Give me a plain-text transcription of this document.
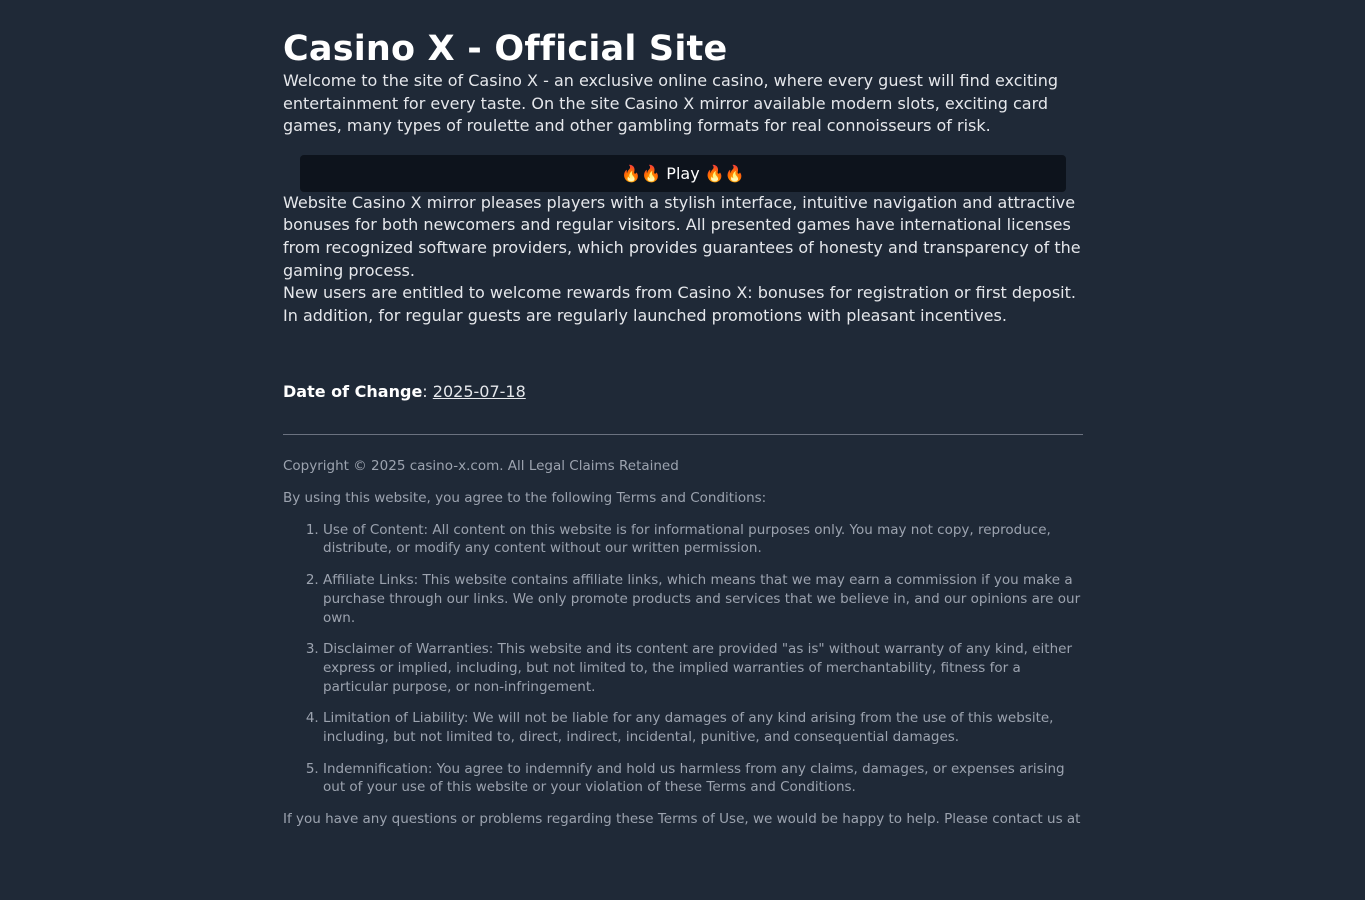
Casino X - Official Site

Welcome to the site of Casino X - an exclusive online casino, where every guest will find exciting entertainment for every taste. On the site Casino X mirror available modern slots, exciting card games, many types of roulette and other gambling formats for real connoisseurs of risk.

🔥🔥 Play 🔥🔥

Website Casino X mirror pleases players with a stylish interface, intuitive navigation and attractive bonuses for both newcomers and regular visitors. All presented games have international licenses from recognized software providers, which provides guarantees of honesty and transparency of the gaming process.

New users are entitled to welcome rewards from Casino X: bonuses for registration or first deposit. In addition, for regular guests are regularly launched promotions with pleasant incentives.

Date of Change: 2025-07-18

Copyright © 2025 casino-x.com. All Legal Claims Retained

By using this website, you agree to the following Terms and Conditions:

1. Use of Content: All content on this website is for informational purposes only. You may not copy, reproduce, distribute, or modify any content without our written permission.
2. Affiliate Links: This website contains affiliate links, which means that we may earn a commission if you make a purchase through our links. We only promote products and services that we believe in, and our opinions are our own.
3. Disclaimer of Warranties: This website and its content are provided "as is" without warranty of any kind, either express or implied, including, but not limited to, the implied warranties of merchantability, fitness for a particular purpose, or non-infringement.
4. Limitation of Liability: We will not be liable for any damages of any kind arising from the use of this website, including, but not limited to, direct, indirect, incidental, punitive, and consequential damages.
5. Indemnification: You agree to indemnify and hold us harmless from any claims, damages, or expenses arising out of your use of this website or your violation of these Terms and Conditions.

If you have any questions or problems regarding these Terms of Use, we would be happy to help. Please contact us at
